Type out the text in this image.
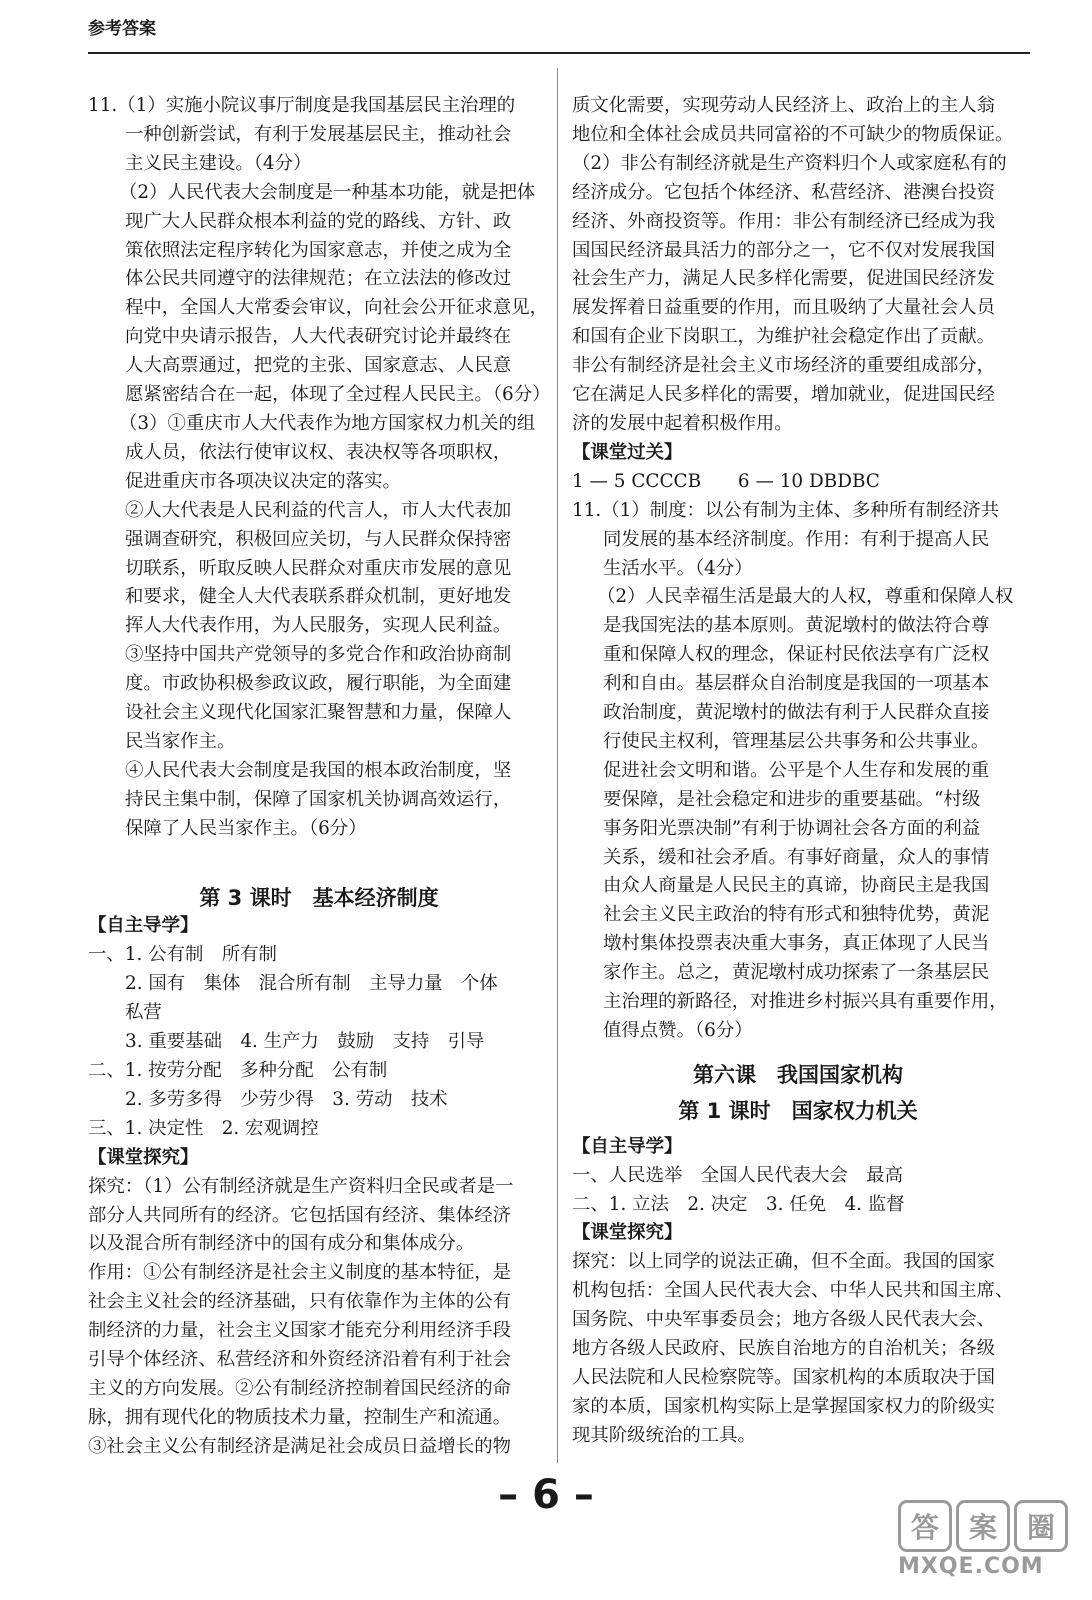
参考答案

11.（1）实施小院议事厅制度是我国基层民主治理的

一种创新尝试，有利于发展基层民主，推动社会

主义民主建设。（4分）

（2）人民代表大会制度是一种基本功能，就是把体

现广大人民群众根本利益的党的路线、方针、政

策依照法定程序转化为国家意志，并使之成为全

体公民共同遵守的法律规范；在立法法的修改过

程中，全国人大常委会审议，向社会公开征求意见，

向党中央请示报告，人大代表研究讨论并最终在

人大高票通过，把党的主张、国家意志、人民意

愿紧密结合在一起，体现了全过程人民民主。（6分）

（3）①重庆市人大代表作为地方国家权力机关的组

成人员，依法行使审议权、表决权等各项职权，

促进重庆市各项决议决定的落实。

②人大代表是人民利益的代言人，市人大代表加

强调查研究，积极回应关切，与人民群众保持密

切联系，听取反映人民群众对重庆市发展的意见

和要求，健全人大代表联系群众机制，更好地发

挥人大代表作用，为人民服务，实现人民利益。

③坚持中国共产党领导的多党合作和政治协商制

度。市政协积极参政议政，履行职能，为全面建

设社会主义现代化国家汇聚智慧和力量，保障人

民当家作主。

④人民代表大会制度是我国的根本政治制度，坚

持民主集中制，保障了国家机关协调高效运行，

保障了人民当家作主。（6分）

第 3 课时　基本经济制度

【自主导学】

一、1. 公有制　所有制

2. 国有　集体　混合所有制　主导力量　个体

私营

3. 重要基础　4. 生产力　鼓励　支持　引导

二、1. 按劳分配　多种分配　公有制

2. 多劳多得　少劳少得　3. 劳动　技术

三、1. 决定性　2. 宏观调控

【课堂探究】

探究：（1）公有制经济就是生产资料归全民或者是一

部分人共同所有的经济。它包括国有经济、集体经济

以及混合所有制经济中的国有成分和集体成分。

作用：①公有制经济是社会主义制度的基本特征，是

社会主义社会的经济基础，只有依靠作为主体的公有

制经济的力量，社会主义国家才能充分利用经济手段

引导个体经济、私营经济和外资经济沿着有利于社会

主义的方向发展。②公有制经济控制着国民经济的命

脉，拥有现代化的物质技术力量，控制生产和流通。

③社会主义公有制经济是满足社会成员日益增长的物

质文化需要，实现劳动人民经济上、政治上的主人翁

地位和全体社会成员共同富裕的不可缺少的物质保证。

（2）非公有制经济就是生产资料归个人或家庭私有的

经济成分。它包括个体经济、私营经济、港澳台投资

经济、外商投资等。作用：非公有制经济已经成为我

国国民经济最具活力的部分之一，它不仅对发展我国

社会生产力，满足人民多样化需要，促进国民经济发

展发挥着日益重要的作用，而且吸纳了大量社会人员

和国有企业下岗职工，为维护社会稳定作出了贡献。

非公有制经济是社会主义市场经济的重要组成部分，

它在满足人民多样化的需要，增加就业，促进国民经

济的发展中起着积极作用。

【课堂过关】

1 — 5 CCCCB　　6 — 10 DBDBC

11.（1）制度：以公有制为主体、多种所有制经济共

同发展的基本经济制度。作用：有利于提高人民

生活水平。（4分）

（2）人民幸福生活是最大的人权，尊重和保障人权

是我国宪法的基本原则。黄泥墩村的做法符合尊

重和保障人权的理念，保证村民依法享有广泛权

利和自由。基层群众自治制度是我国的一项基本

政治制度，黄泥墩村的做法有利于人民群众直接

行使民主权利，管理基层公共事务和公共事业。

促进社会文明和谐。公平是个人生存和发展的重

要保障，是社会稳定和进步的重要基础。“村级

事务阳光票决制”有利于协调社会各方面的利益

关系，缓和社会矛盾。有事好商量，众人的事情

由众人商量是人民民主的真谛，协商民主是我国

社会主义民主政治的特有形式和独特优势，黄泥

墩村集体投票表决重大事务，真正体现了人民当

家作主。总之，黄泥墩村成功探索了一条基层民

主治理的新路径，对推进乡村振兴具有重要作用，

值得点赞。（6分）

第六课　我国国家机构

第 1 课时　国家权力机关

【自主导学】

一、人民选举　全国人民代表大会　最高

二、1. 立法　2. 决定　3. 任免　4. 监督

【课堂探究】

探究：以上同学的说法正确，但不全面。我国的国家

机构包括：全国人民代表大会、中华人民共和国主席、

国务院、中央军事委员会；地方各级人民代表大会、

地方各级人民政府、民族自治地方的自治机关；各级

人民法院和人民检察院等。国家机构的本质取决于国

家的本质，国家机构实际上是掌握国家权力的阶级实

现其阶级统治的工具。

– 6 –
答	案	圈
MXQE.COM
